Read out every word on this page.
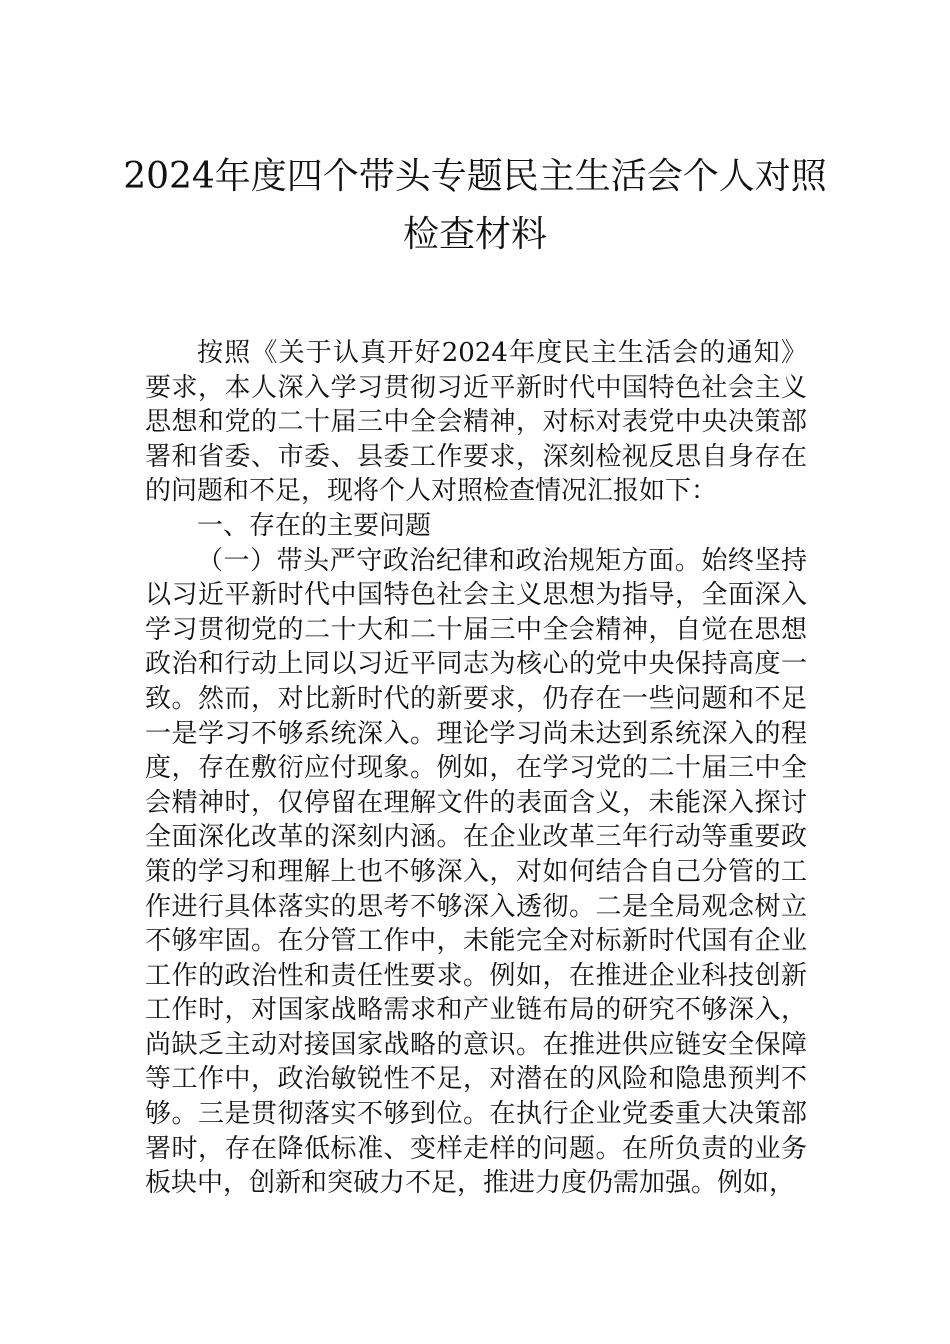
2024年度四个带头专题民主生活会个人对照检查材料

按照《关于认真开好2024年度民主生活会的通知》要求，本人深入学习贯彻习近平新时代中国特色社会主义思想和党的二十届三中全会精神，对标对表党中央决策部署和省委、市委、县委工作要求，深刻检视反思自身存在的问题和不足，现将个人对照检查情况汇报如下：

一、存在的主要问题

（一）带头严守政治纪律和政治规矩方面。始终坚持以习近平新时代中国特色社会主义思想为指导，全面深入学习贯彻党的二十大和二十届三中全会精神，自觉在思想政治和行动上同以习近平同志为核心的党中央保持高度一致。然而，对比新时代的新要求，仍存在一些问题和不足一是学习不够系统深入。理论学习尚未达到系统深入的程度，存在敷衍应付现象。例如，在学习党的二十届三中全会精神时，仅停留在理解文件的表面含义，未能深入探讨全面深化改革的深刻内涵。在企业改革三年行动等重要政策的学习和理解上也不够深入，对如何结合自己分管的工作进行具体落实的思考不够深入透彻。二是全局观念树立不够牢固。在分管工作中，未能完全对标新时代国有企业工作的政治性和责任性要求。例如，在推进企业科技创新工作时，对国家战略需求和产业链布局的研究不够深入，尚缺乏主动对接国家战略的意识。在推进供应链安全保障等工作中，政治敏锐性不足，对潜在的风险和隐患预判不够。三是贯彻落实不够到位。在执行企业党委重大决策部署时，存在降低标准、变样走样的问题。在所负责的业务板块中，创新和突破力不足，推进力度仍需加强。例如，
